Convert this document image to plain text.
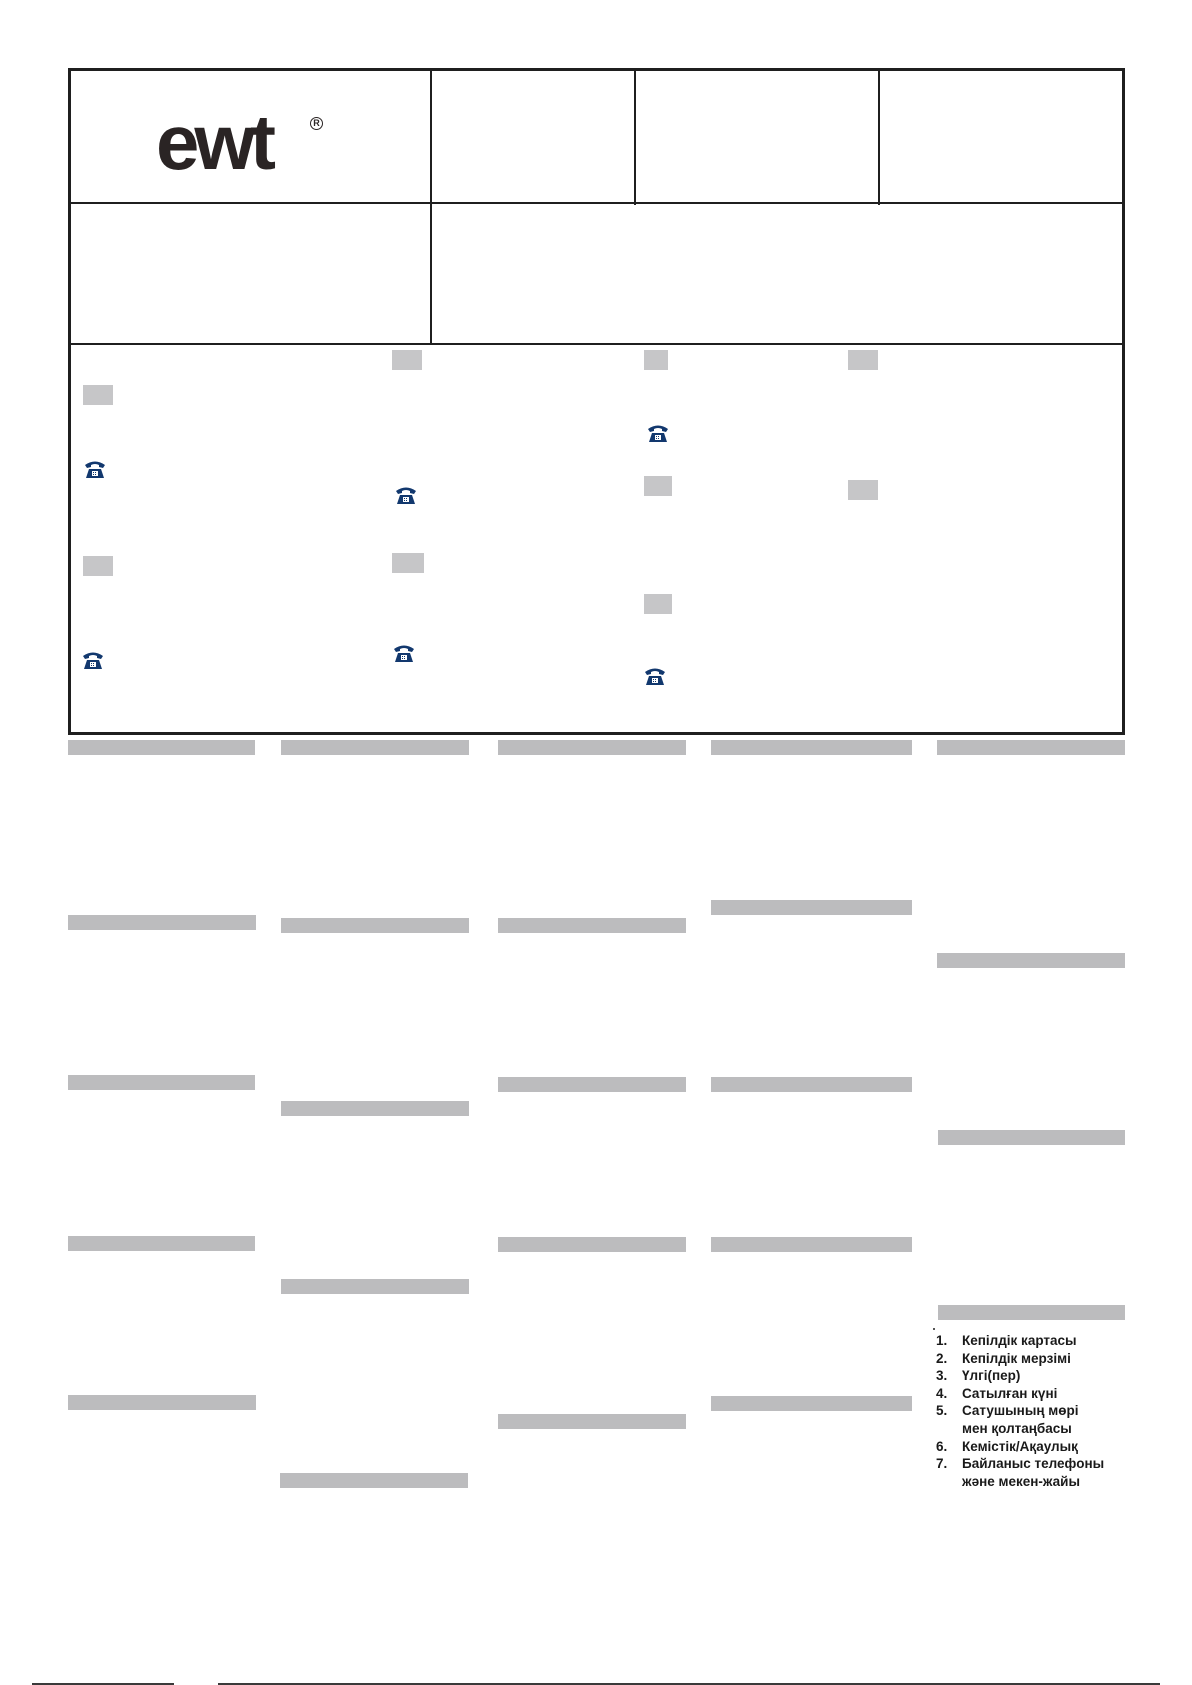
ewt	R
1.	Кепілдік картасы
2.	Кепілдік мерзімі
3.	Үлгі(пер)
4.	Сатылған күні
5.	Сатушының мөрі
мен қолтаңбасы
6.	Кемістік/Ақаулық
7.	Байланыс телефоны
және мекен-жайы
